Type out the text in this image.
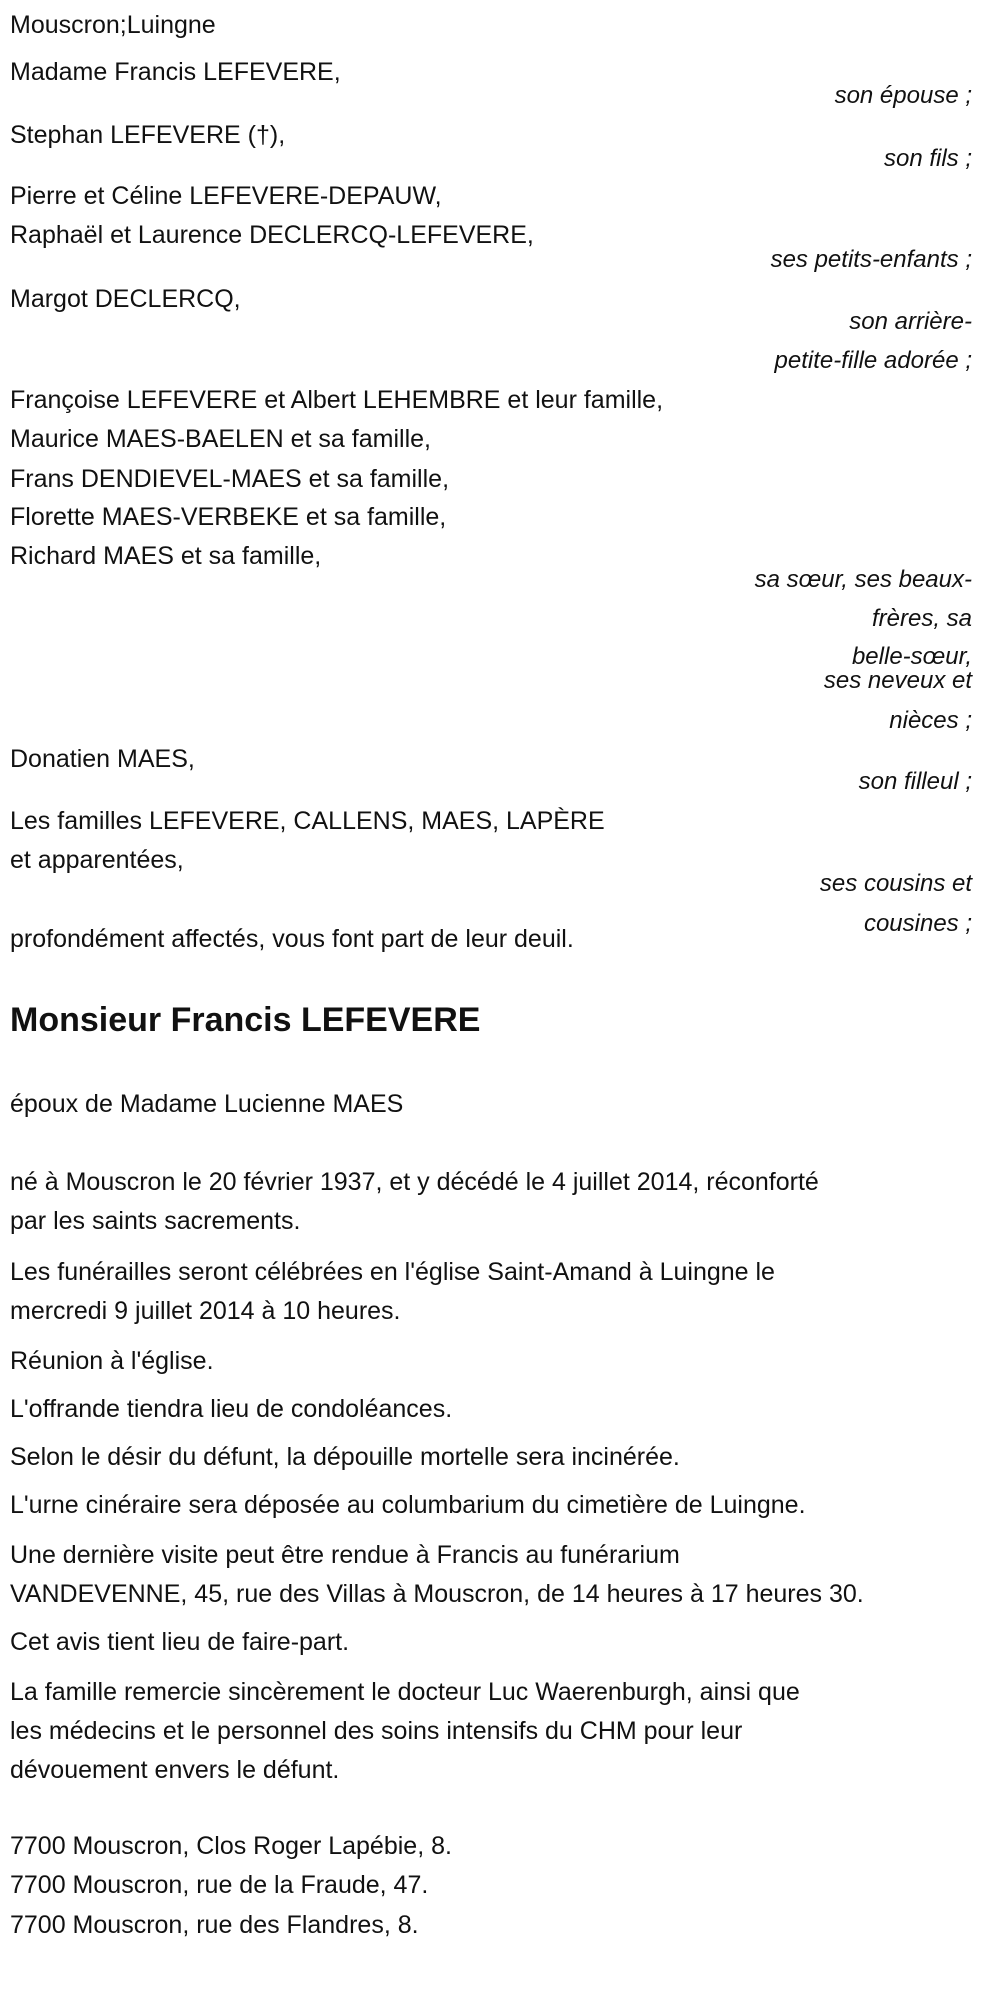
Mouscron;Luingne
Madame Francis LEFEVERE,
son épouse ;
Stephan LEFEVERE (†),
son fils ;
Pierre et Céline LEFEVERE-DEPAUW,
Raphaël et Laurence DECLERCQ-LEFEVERE,
ses petits-enfants ;
Margot DECLERCQ,
son arrière-
petite-fille adorée ;
Françoise LEFEVERE et Albert LEHEMBRE et leur famille,
Maurice MAES-BAELEN et sa famille,
Frans DENDIEVEL-MAES et sa famille,
Florette MAES-VERBEKE et sa famille,
Richard MAES et sa famille,
sa sœur, ses beaux-
frères, sa
belle-sœur,
ses neveux et
nièces ;
Donatien MAES,
son filleul ;
Les familles LEFEVERE, CALLENS, MAES, LAPÈRE
et apparentées,
ses cousins et
cousines ;
profondément affectés, vous font part de leur deuil.
Monsieur Francis LEFEVERE
époux de Madame Lucienne MAES
né à Mouscron le 20 février 1937, et y décédé le 4 juillet 2014, réconforté
par les saints sacrements.
Les funérailles seront célébrées en l'église Saint-Amand à Luingne le
mercredi 9 juillet 2014 à 10 heures.
Réunion à l'église.
L'offrande tiendra lieu de condoléances.
Selon le désir du défunt, la dépouille mortelle sera incinérée.
L'urne cinéraire sera déposée au columbarium du cimetière de Luingne.
Une dernière visite peut être rendue à Francis au funérarium
VANDEVENNE, 45, rue des Villas à Mouscron, de 14 heures à 17 heures 30.
Cet avis tient lieu de faire-part.
La famille remercie sincèrement le docteur Luc Waerenburgh, ainsi que
les médecins et le personnel des soins intensifs du CHM pour leur
dévouement envers le défunt.
7700 Mouscron, Clos Roger Lapébie, 8.
7700 Mouscron, rue de la Fraude, 47.
7700 Mouscron, rue des Flandres, 8.
